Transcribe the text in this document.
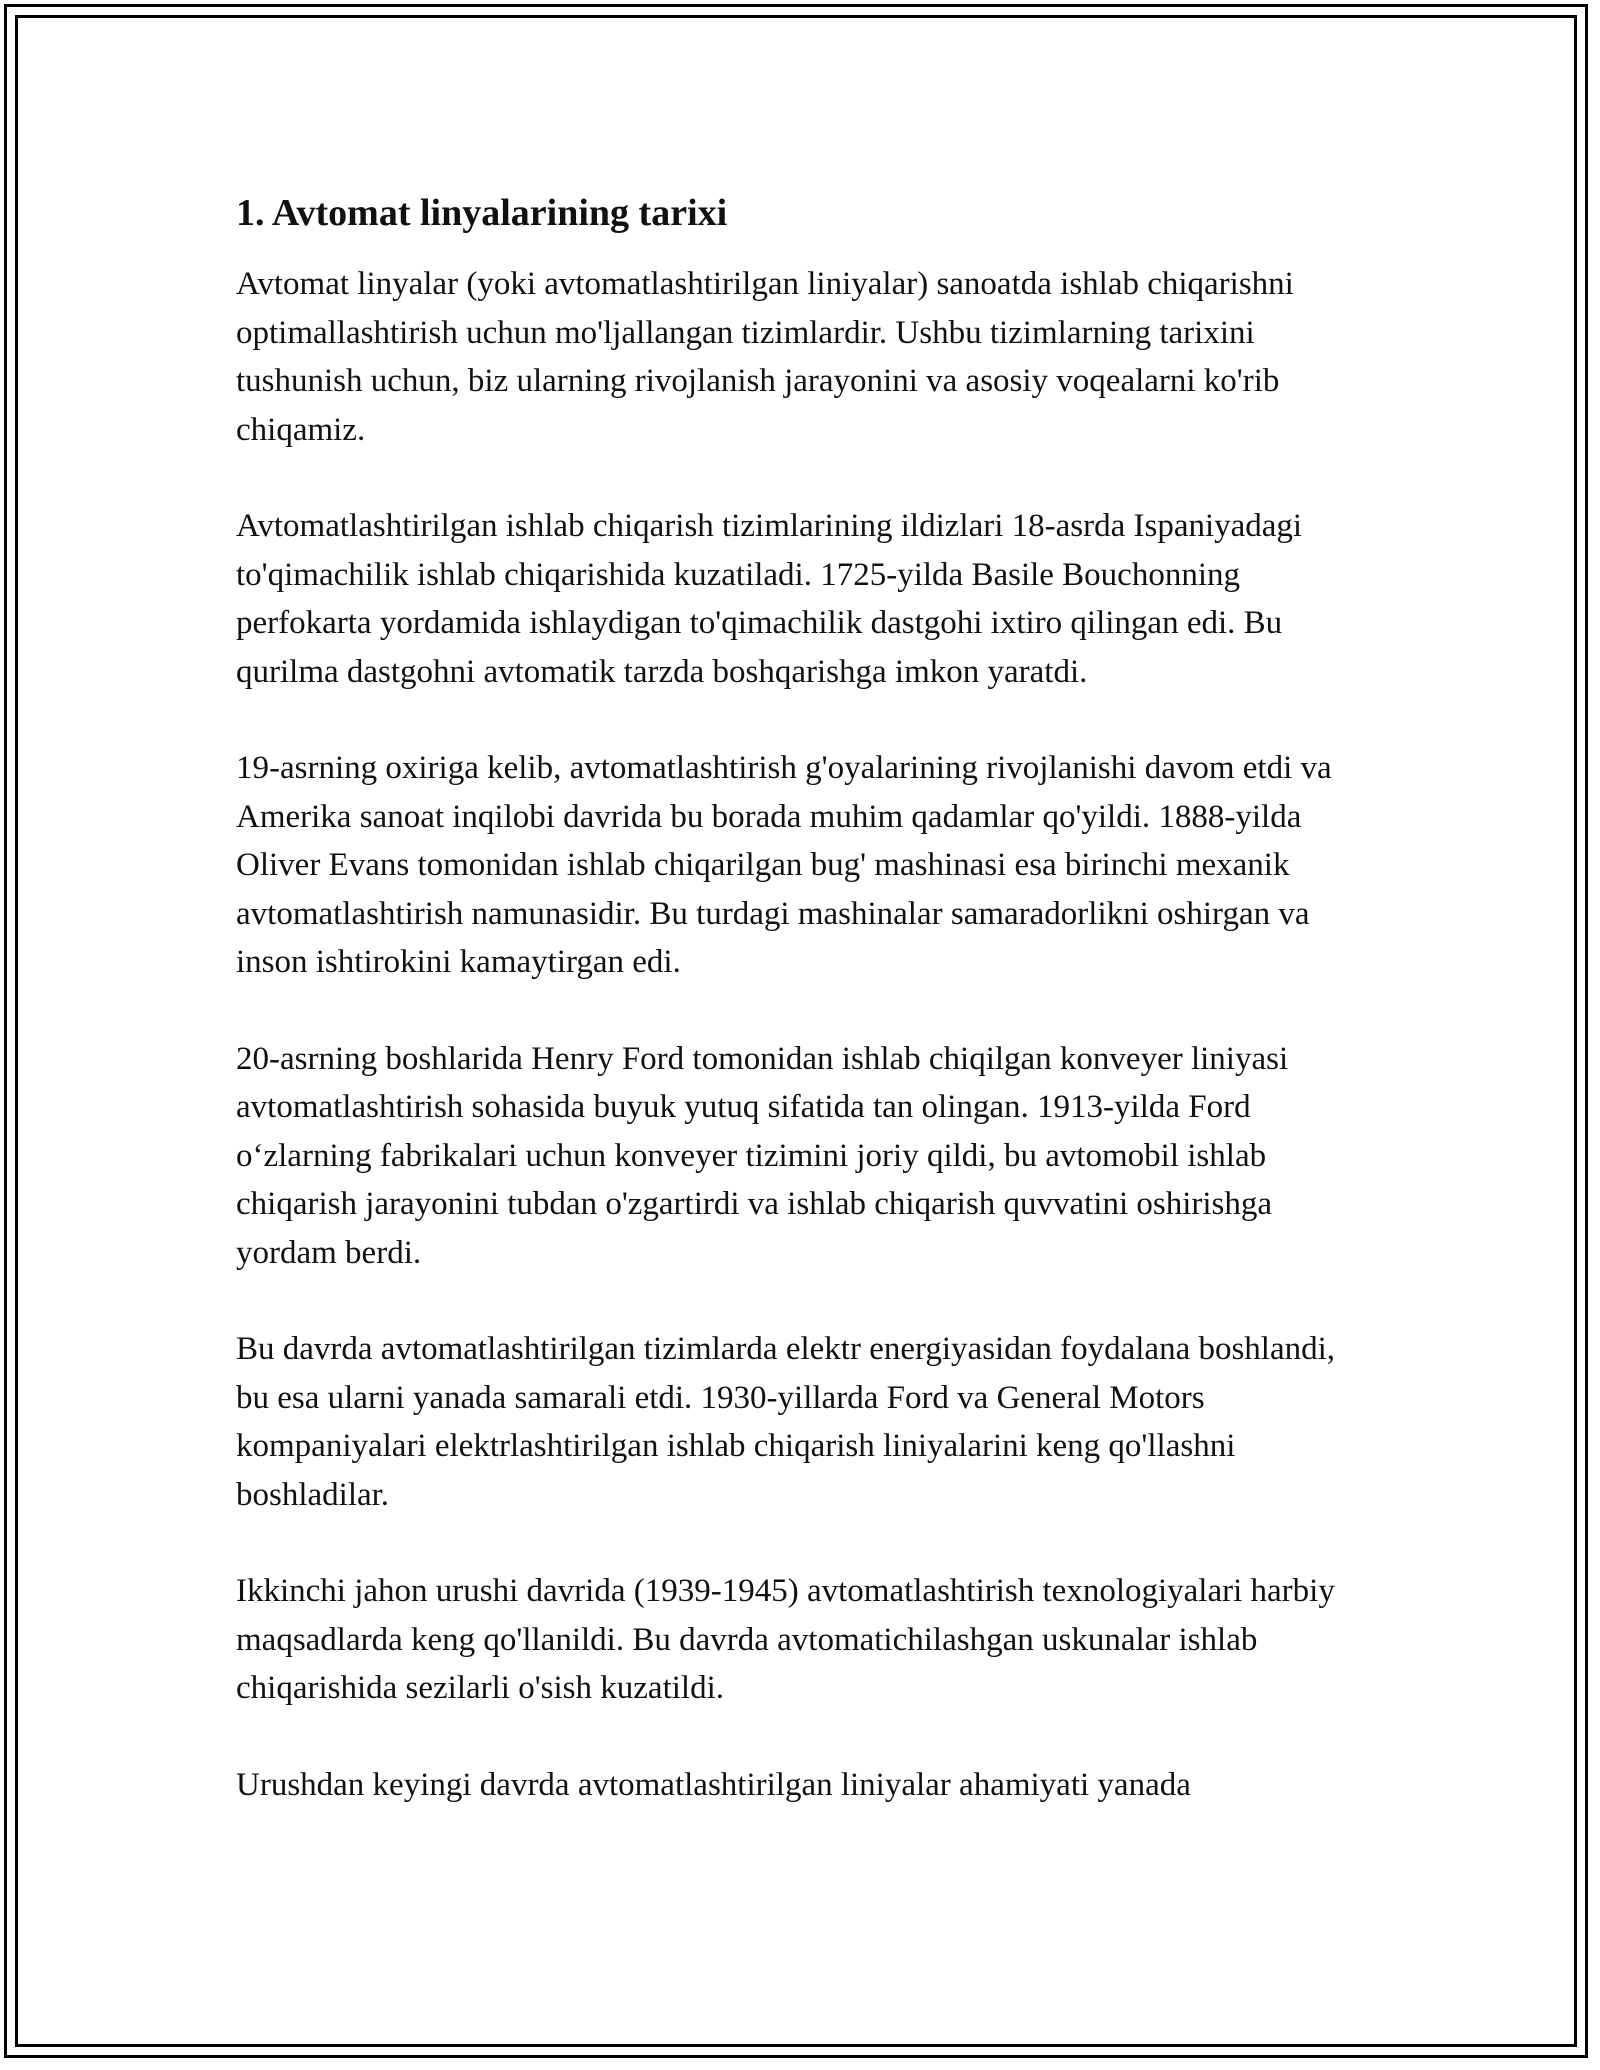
1. Avtomat linyalarining tarixi

Avtomat linyalar (yoki avtomatlashtirilgan liniyalar) sanoatda ishlab chiqarishni optimallashtirish uchun mo'ljallangan tizimlardir. Ushbu tizimlarning tarixini tushunish uchun, biz ularning rivojlanish jarayonini va asosiy voqealarni ko'rib chiqamiz.

Avtomatlashtirilgan ishlab chiqarish tizimlarining ildizlari 18-asrda Ispaniyadagi to'qimachilik ishlab chiqarishida kuzatiladi. 1725-yilda Basile Bouchonning perfokarta yordamida ishlaydigan to'qimachilik dastgohi ixtiro qilingan edi. Bu qurilma dastgohni avtomatik tarzda boshqarishga imkon yaratdi.

19-asrning oxiriga kelib, avtomatlashtirish g'oyalarining rivojlanishi davom etdi va Amerika sanoat inqilobi davrida bu borada muhim qadamlar qo'yildi. 1888-yilda Oliver Evans tomonidan ishlab chiqarilgan bug' mashinasi esa birinchi mexanik avtomatlashtirish namunasidir. Bu turdagi mashinalar samaradorlikni oshirgan va inson ishtirokini kamaytirgan edi.

20-asrning boshlarida Henry Ford tomonidan ishlab chiqilgan konveyer liniyasi avtomatlashtirish sohasida buyuk yutuq sifatida tan olingan. 1913-yilda Ford o‘zlarning fabrikalari uchun konveyer tizimini joriy qildi, bu avtomobil ishlab chiqarish jarayonini tubdan o'zgartirdi va ishlab chiqarish quvvatini oshirishga yordam berdi.

Bu davrda avtomatlashtirilgan tizimlarda elektr energiyasidan foydalana boshlandi, bu esa ularni yanada samarali etdi. 1930-yillarda Ford va General Motors kompaniyalari elektrlashtirilgan ishlab chiqarish liniyalarini keng qo'llashni boshladilar.

Ikkinchi jahon urushi davrida (1939-1945) avtomatlashtirish texnologiyalari harbiy maqsadlarda keng qo'llanildi. Bu davrda avtomatichilashgan uskunalar ishlab chiqarishida sezilarli o'sish kuzatildi.

Urushdan keyingi davrda avtomatlashtirilgan liniyalar ahamiyati yanada
